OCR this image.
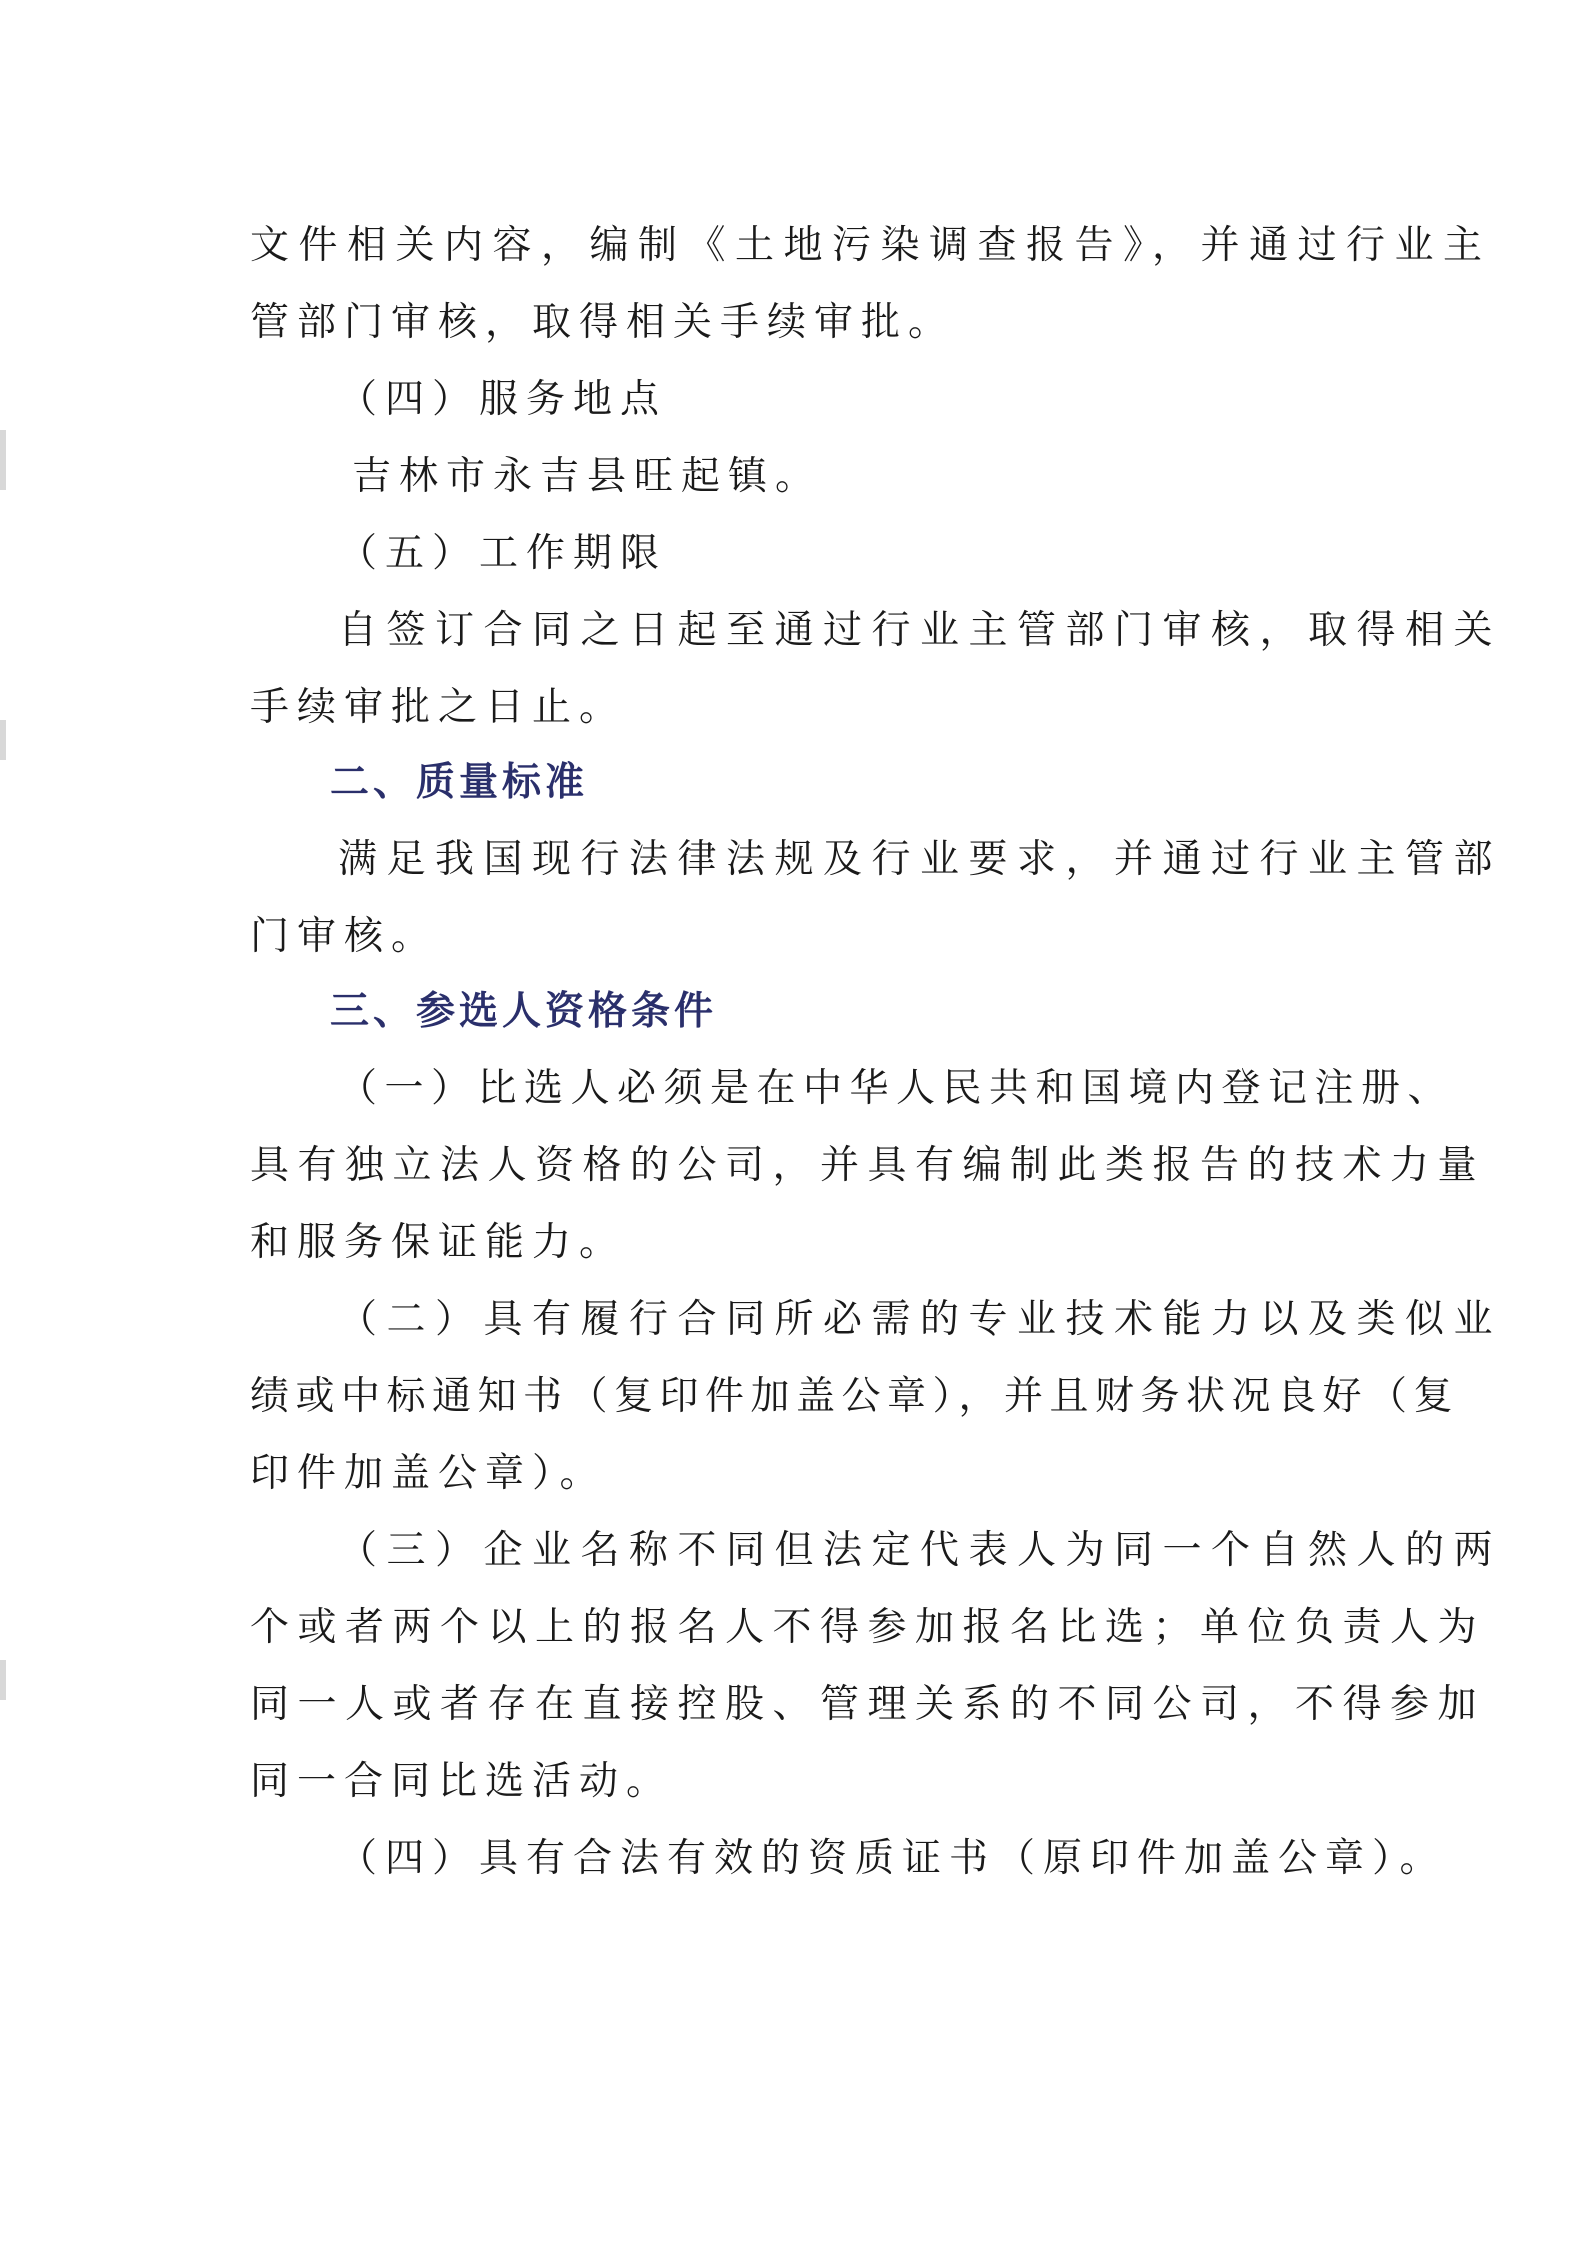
文件相关内容，编制《土地污染调查报告》，并通过行业主
管部门审核，取得相关手续审批。
（四）服务地点
吉林市永吉县旺起镇。
（五）工作期限
自签订合同之日起至通过行业主管部门审核，取得相关
手续审批之日止。
二、质量标准
满足我国现行法律法规及行业要求，并通过行业主管部
门审核。
三、参选人资格条件
（一）比选人必须是在中华人民共和国境内登记注册、
具有独立法人资格的公司，并具有编制此类报告的技术力量
和服务保证能力。
（二）具有履行合同所必需的专业技术能力以及类似业
绩或中标通知书（复印件加盖公章），并且财务状况良好（复
印件加盖公章）。
（三）企业名称不同但法定代表人为同一个自然人的两
个或者两个以上的报名人不得参加报名比选；单位负责人为
同一人或者存在直接控股、管理关系的不同公司，不得参加
同一合同比选活动。
（四）具有合法有效的资质证书（原印件加盖公章）。
